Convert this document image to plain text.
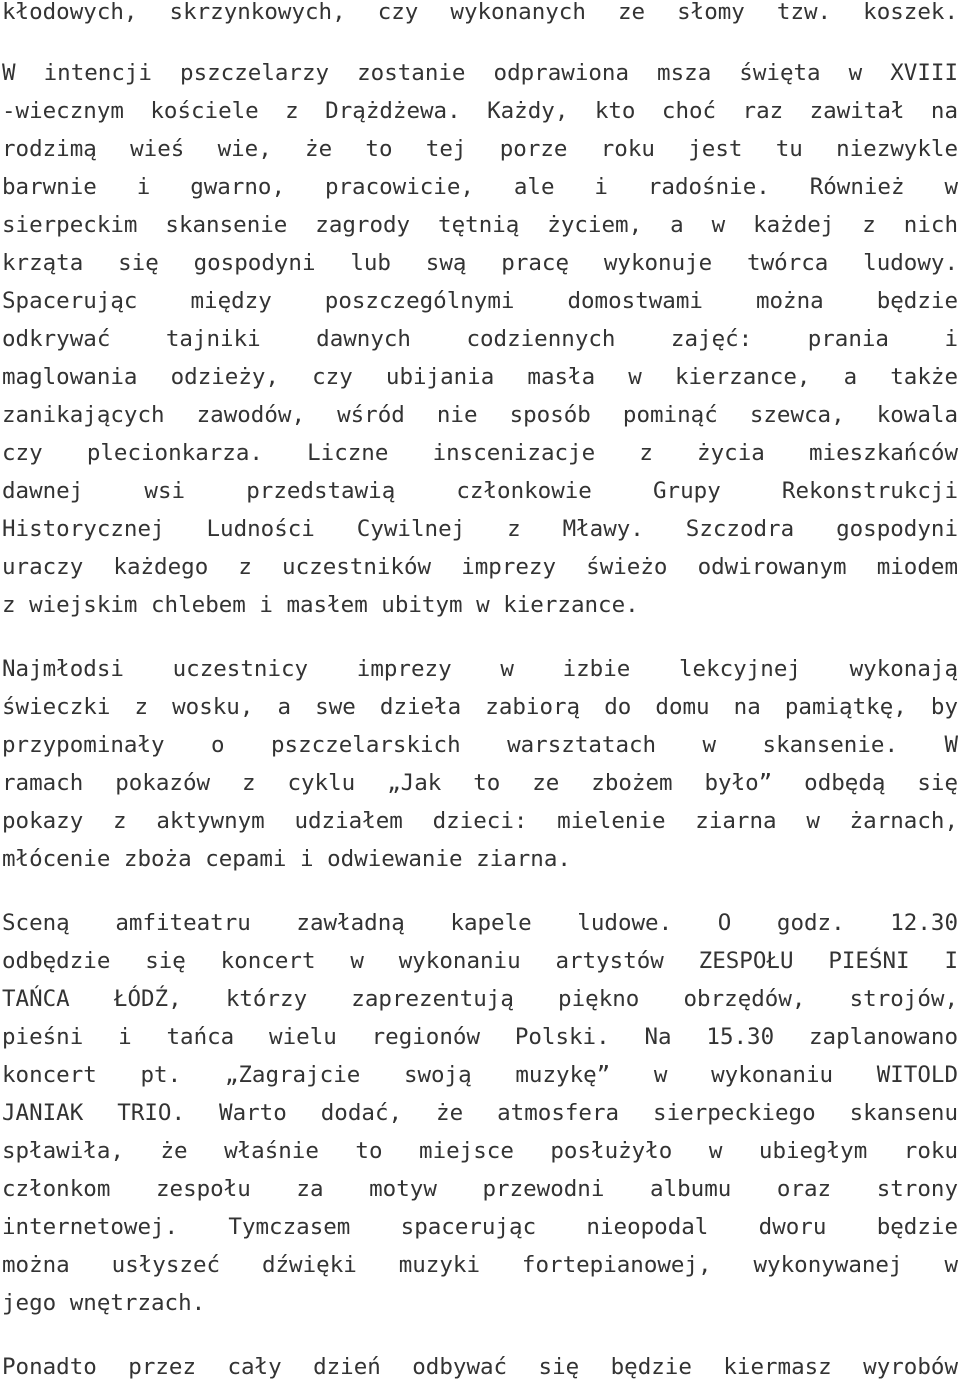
kłodowych, skrzynkowych, czy wykonanych ze słomy tzw. koszek.
W intencji pszczelarzy zostanie odprawiona msza święta w XVIII
-wiecznym kościele z Drążdżewa. Każdy, kto choć raz zawitał na
rodzimą wieś wie, że to tej porze roku jest tu niezwykle
barwnie i gwarno, pracowicie, ale i radośnie. Również w
sierpeckim skansenie zagrody tętnią życiem, a w każdej z nich
krząta się gospodyni lub swą pracę wykonuje twórca ludowy.
Spacerując między poszczególnymi domostwami można będzie
odkrywać tajniki dawnych codziennych zajęć: prania i
maglowania odzieży, czy ubijania masła w kierzance, a także
zanikających zawodów, wśród nie sposób pominąć szewca, kowala
czy plecionkarza. Liczne inscenizacje z życia mieszkańców
dawnej wsi przedstawią członkowie Grupy Rekonstrukcji
Historycznej Ludności Cywilnej z Mławy. Szczodra gospodyni
uraczy każdego z uczestników imprezy świeżo odwirowanym miodem
z wiejskim chlebem i masłem ubitym w kierzance.
Najmłodsi uczestnicy imprezy w izbie lekcyjnej wykonają
świeczki z wosku, a swe dzieła zabiorą do domu na pamiątkę, by
przypominały o pszczelarskich warsztatach w skansenie. W
ramach pokazów z cyklu „Jak to ze zbożem było” odbędą się
pokazy z aktywnym udziałem dzieci: mielenie ziarna w żarnach,
młócenie zboża cepami i odwiewanie ziarna.
Sceną amfiteatru zawładną kapele ludowe. O godz. 12.30
odbędzie się koncert w wykonaniu artystów ZESPOŁU PIEŚNI I
TAŃCA ŁÓDŹ, którzy zaprezentują piękno obrzędów, strojów,
pieśni i tańca wielu regionów Polski. Na 15.30 zaplanowano
koncert pt. „Zagrajcie swoją muzykę” w wykonaniu WITOLD
JANIAK TRIO. Warto dodać, że atmosfera sierpeckiego skansenu
spławiła, że właśnie to miejsce posłużyło w ubiegłym roku
członkom zespołu za motyw przewodni albumu oraz strony
internetowej. Tymczasem spacerując nieopodal dworu będzie
można usłyszeć dźwięki muzyki fortepianowej, wykonywanej w
jego wnętrzach.
Ponadto przez cały dzień odbywać się będzie kiermasz wyrobów
